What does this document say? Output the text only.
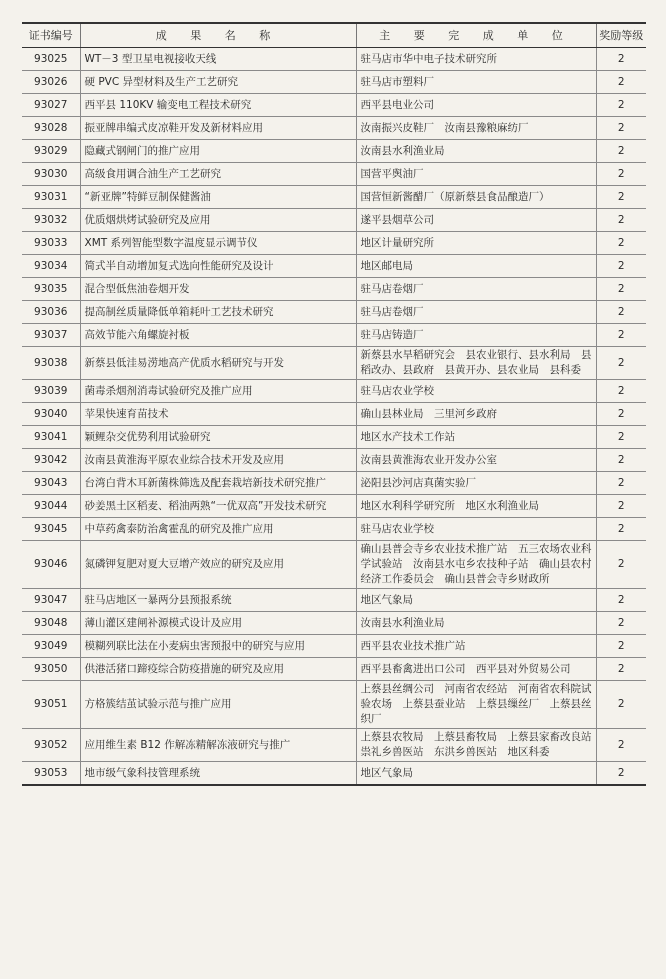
证书编号	成 果 名 称	主 要 完 成 单 位	奖励等级
93025	WT－3 型卫星电视接收天线	驻马店市华中电子技术研究所	2
93026	硬 PVC 异型材料及生产工艺研究	驻马店市塑料厂	2
93027	西平县 110KV 输变电工程技术研究	西平县电业公司	2
93028	振亚牌串编式皮凉鞋开发及新材料应用	汝南振兴皮鞋厂　汝南县豫粮麻纺厂	2
93029	隐藏式钢闸门的推广应用	汝南县水利渔业局	2
93030	高级食用调合油生产工艺研究	国营平舆油厂	2
93031	“新亚牌”特鲜豆制保健酱油	国营恒新酱醋厂（原新蔡县食品酿造厂）	2
93032	优质烟烘烤试验研究及应用	遂平县烟草公司	2
93033	XMT 系列智能型数字温度显示调节仪	地区计量研究所	2
93034	简式半自动增加复式选向性能研究及设计	地区邮电局	2
93035	混合型低焦油卷烟开发	驻马店卷烟厂	2
93036	提高制丝质量降低单箱耗叶工艺技术研究	驻马店卷烟厂	2
93037	高效节能六角螺旋衬板	驻马店铸造厂	2
93038	新蔡县低洼易涝地高产优质水稻研究与开发	新蔡县水旱稻研究会　县农业银行、县水利局　县稻改办、县政府　县黄开办、县农业局　县科委	2
93039	菌毒杀烟剂消毒试验研究及推广应用	驻马店农业学校	2
93040	苹果快速育苗技术	确山县林业局　三里河乡政府	2
93041	颖鲤杂交优势利用试验研究	地区水产技术工作站	2
93042	汝南县黄淮海平原农业综合技术开发及应用	汝南县黄淮海农业开发办公室	2
93043	台湾白背木耳新菌株筛选及配套栽培新技术研究推广	泌阳县沙河店真菌实验厂	2
93044	砂姜黑土区稻麦、稻油两熟“一优双高”开发技术研究	地区水利科学研究所　地区水利渔业局	2
93045	中草药禽泰防治禽霍乱的研究及推广应用	驻马店农业学校	2
93046	氮磷钾复肥对夏大豆增产效应的研究及应用	确山县普会寺乡农业技术推广站　五三农场农业科学试验站　汝南县水屯乡农技种子站　确山县农村经济工作委员会　确山县普会寺乡财政所	2
93047	驻马店地区一暴两分县预报系统	地区气象局	2
93048	薄山灌区建闸补源模式设计及应用	汝南县水利渔业局	2
93049	模糊列联比法在小麦病虫害预报中的研究与应用	西平县农业技术推广站	2
93050	供港活猪口蹄疫综合防疫措施的研究及应用	西平县畜禽进出口公司　西平县对外贸易公司	2
93051	方格簇结茧试验示范与推广应用	上蔡县丝绸公司　河南省农经站　河南省农科院试验农场　上蔡县蚕业站　上蔡县缫丝厂　上蔡县丝织厂	2
93052	应用维生素 B12 作解冻精解冻液研究与推广	上蔡县农牧局　上蔡县畜牧局　上蔡县家畜改良站　祟礼乡兽医站　东洪乡兽医站　地区科委	2
93053	地市级气象科技管理系统	地区气象局	2
